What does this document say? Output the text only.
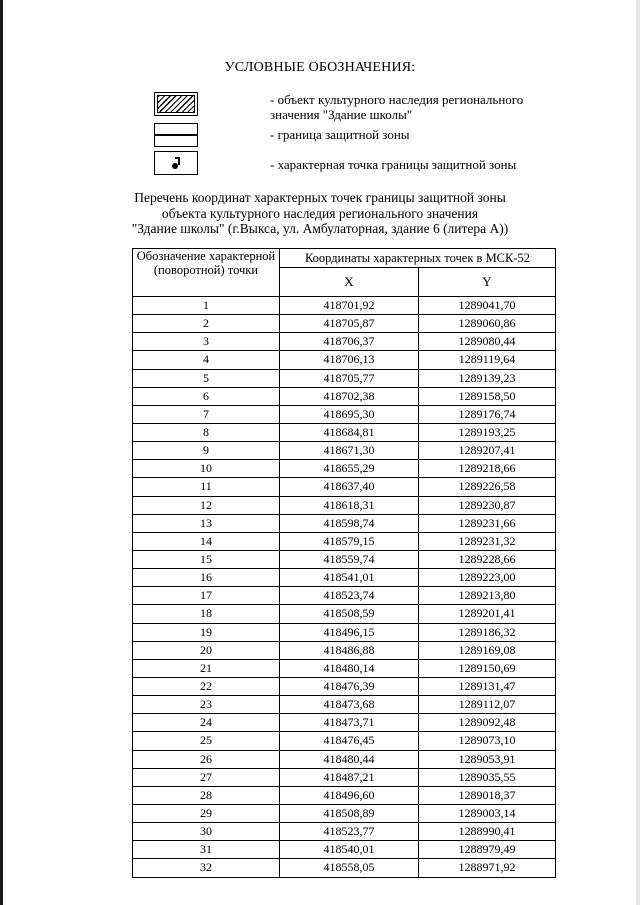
УСЛОВНЫЕ ОБОЗНАЧЕНИЯ:
- объект культурного наследия регионального значения "Здание школы"
- граница защитной зоны
- характерная точка границы защитной зоны
Перечень координат характерных точек границы защитной зоны
объекта культурного наследия регионального значения
"Здание школы" (г.Выкса, ул. Амбулаторная, здание 6 (литера А))
Обозначение характерной (поворотной) точки	Координаты характерных точек в МСК-52	
	X	Y
1	418701,92	1289041,70
2	418705,87	1289060,86
3	418706,37	1289080,44
4	418706,13	1289119,64
5	418705,77	1289139,23
6	418702,38	1289158,50
7	418695,30	1289176,74
8	418684,81	1289193,25
9	418671,30	1289207,41
10	418655,29	1289218,66
11	418637,40	1289226,58
12	418618,31	1289230,87
13	418598,74	1289231,66
14	418579,15	1289231,32
15	418559,74	1289228,66
16	418541,01	1289223,00
17	418523,74	1289213,80
18	418508,59	1289201,41
19	418496,15	1289186,32
20	418486,88	1289169,08
21	418480,14	1289150,69
22	418476,39	1289131,47
23	418473,68	1289112,07
24	418473,71	1289092,48
25	418476,45	1289073,10
26	418480,44	1289053,91
27	418487,21	1289035,55
28	418496,60	1289018,37
29	418508,89	1289003,14
30	418523,77	1288990,41
31	418540,01	1288979,49
32	418558,05	1288971,92
